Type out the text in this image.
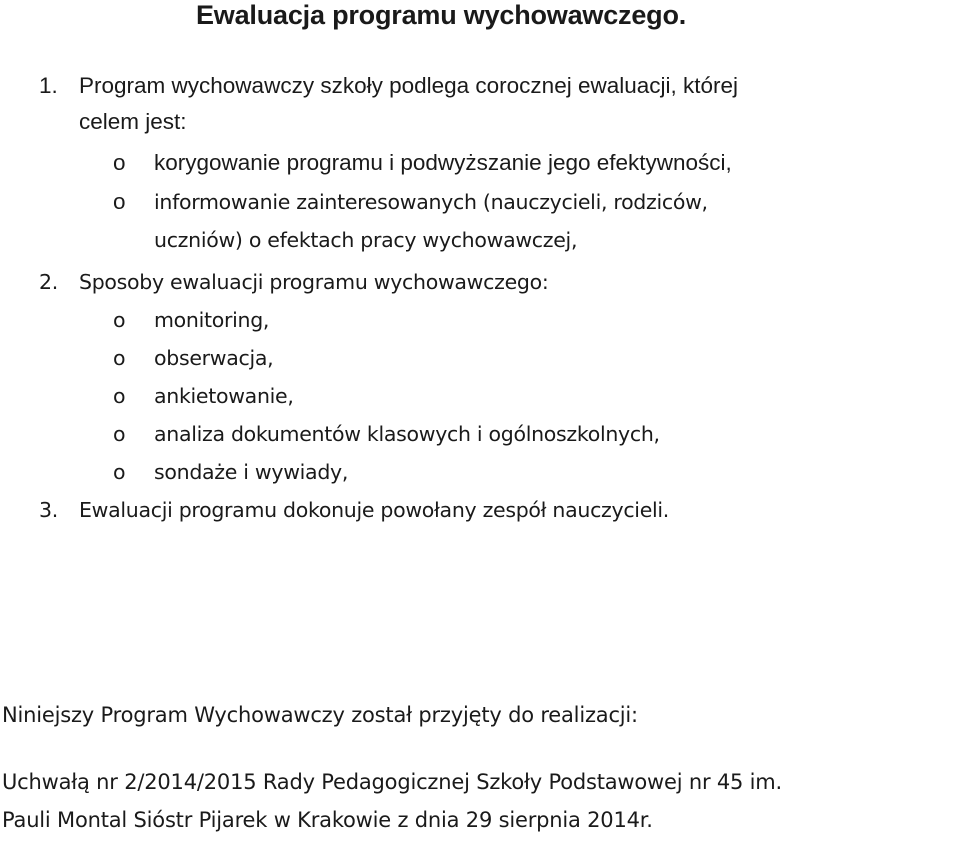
Ewaluacja programu wychowawczego.
1. Program wychowawczy szkoły podlega corocznej ewaluacji, której
celem jest:
o korygowanie programu i podwyższanie jego efektywności,
o informowanie zainteresowanych (nauczycieli, rodziców,
uczniów) o efektach pracy wychowawczej,
2. Sposoby ewaluacji programu wychowawczego:
o monitoring,
o obserwacja,
o ankietowanie,
o analiza dokumentów klasowych i ogólnoszkolnych,
o sondaże i wywiady,
3. Ewaluacji programu dokonuje powołany zespół nauczycieli.
Niniejszy Program Wychowawczy został przyjęty do realizacji:
Uchwałą nr 2/2014/2015 Rady Pedagogicznej Szkoły Podstawowej nr 45 im.
Pauli Montal Sióstr Pijarek w Krakowie z dnia 29 sierpnia 2014r.
